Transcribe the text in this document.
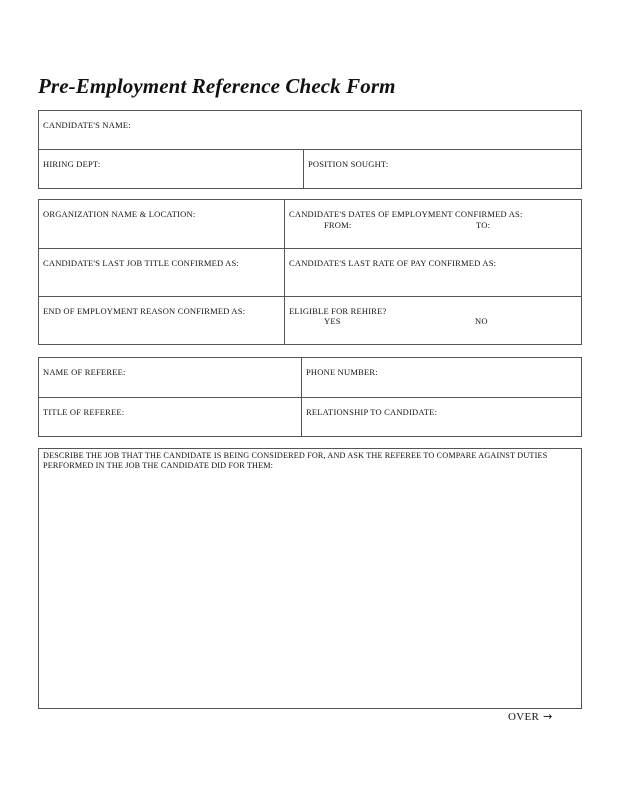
Pre-Employment Reference Check Form
CANDIDATE'S NAME:
HIRING DEPT:	POSITION SOUGHT:
ORGANIZATION NAME & LOCATION:	CANDIDATE'S DATES OF EMPLOYMENT CONFIRMED AS:
FROM:	TO:
CANDIDATE'S LAST JOB TITLE CONFIRMED AS:	CANDIDATE'S LAST RATE OF PAY CONFIRMED AS:
END OF EMPLOYMENT REASON CONFIRMED AS:	ELIGIBLE FOR REHIRE?
YES	NO
NAME OF REFEREE:	PHONE NUMBER:
TITLE OF REFEREE:	RELATIONSHIP TO CANDIDATE:
DESCRIBE THE JOB THAT THE CANDIDATE IS BEING CONSIDERED FOR, AND ASK THE REFEREE TO COMPARE AGAINST DUTIES PERFORMED IN THE JOB THE CANDIDATE DID FOR THEM:
OVER →
